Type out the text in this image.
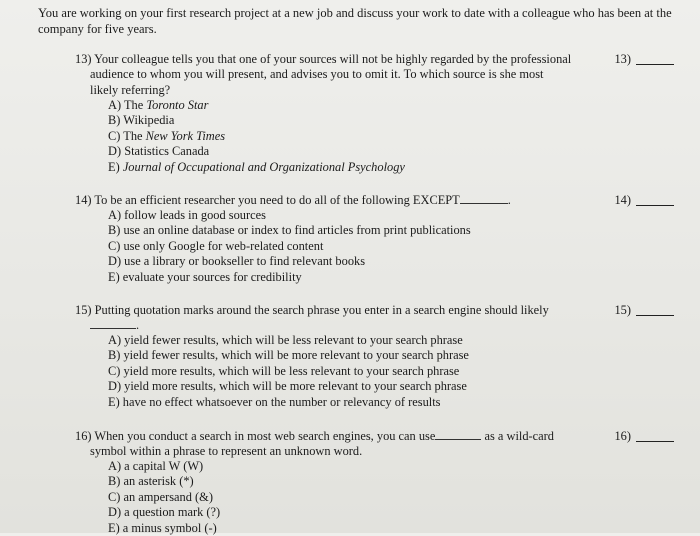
You are working on your first research project at a new job and discuss your work to date with a colleague who has been at the company for five years.
13) Your colleague tells you that one of your sources will not be highly regarded by the professional
audience to whom you will present, and advises you to omit it. To which source is she most
likely referring?
13)
A) The Toronto Star
B) Wikipedia
C) The New York Times
D) Statistics Canada
E) Journal of Occupational and Organizational Psychology
14) To be an efficient researcher you need to do all of the following EXCEPT	.	14)
A) follow leads in good sources
B) use an online database or index to find articles from print publications
C) use only Google for web-related content
D) use a library or bookseller to find relevant books
E) evaluate your sources for credibility
15) Putting quotation marks around the search phrase you enter in a search engine should likely
.
15)
A) yield fewer results, which will be less relevant to your search phrase
B) yield fewer results, which will be more relevant to your search phrase
C) yield more results, which will be less relevant to your search phrase
D) yield more results, which will be more relevant to your search phrase
E) have no effect whatsoever on the number or relevancy of results
16) When you conduct a search in most web search engines, you can use	as a wild-card
symbol within a phrase to represent an unknown word.
16)
A) a capital W (W)
B) an asterisk (*)
C) an ampersand (&)
D) a question mark (?)
E) a minus symbol (-)
